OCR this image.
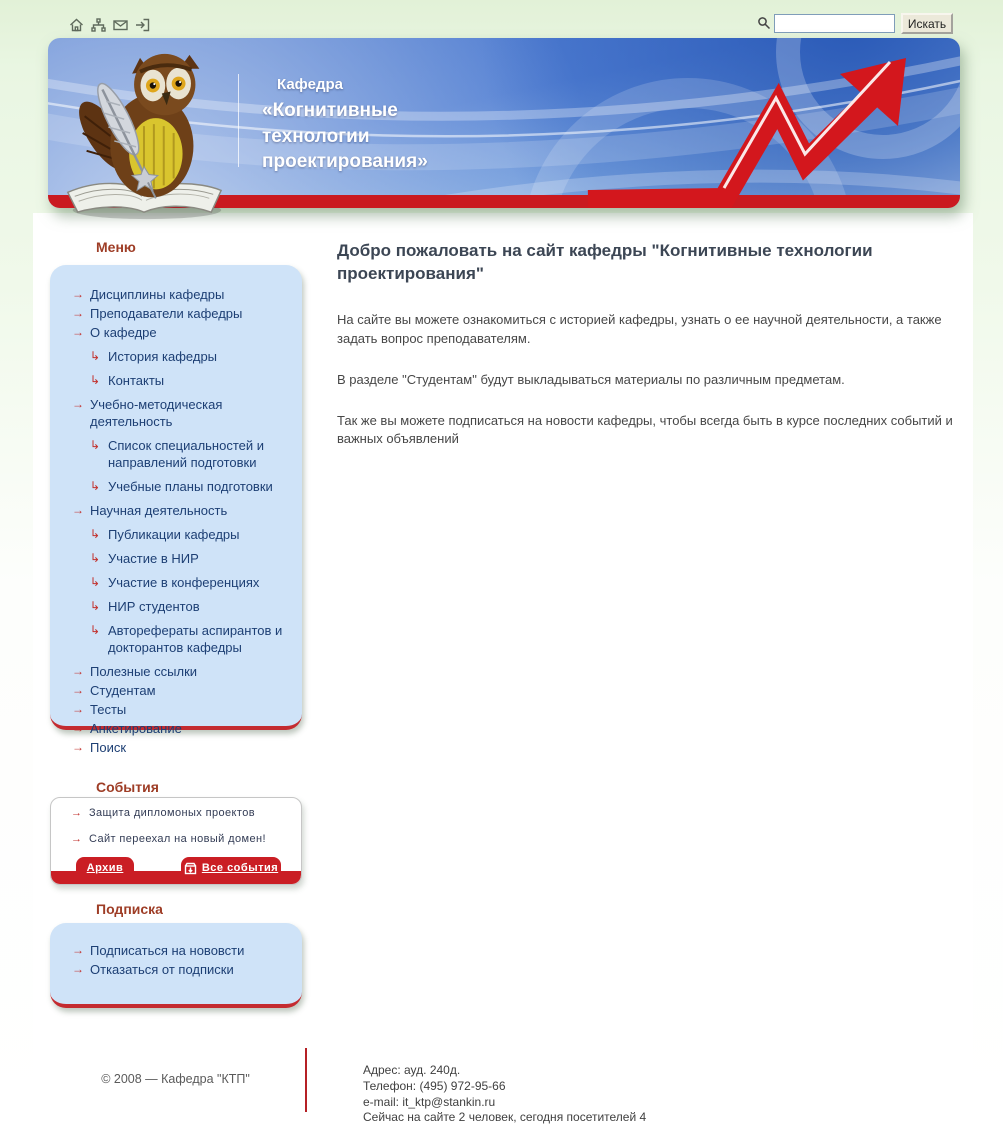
Искать
Кафедра
«Когнитивные технологии проектирования»
Меню
→
Дисциплины кафедры
→
Преподаватели кафедры
→
О кафедре
↳
История кафедры
↳
Контакты
→
Учебно-методическая деятельность
↳
Список специальностей и направлений подготовки
↳
Учебные планы подготовки
→
Научная деятельность
↳
Публикации кафедры
↳
Участие в НИР
↳
Участие в конференциях
↳
НИР студентов
↳
Авторефераты аспирантов и докторантов кафедры
→
Полезные ссылки
→
Студентам
→
Тесты
→
Анкетирование
→
Поиск
События
→
Защита дипломоных проектов
→
Сайт переехал на новый домен!
Архив	Все события
Подписка
→
Подписаться на нововсти
→
Отказаться от подписки
Добро пожаловать на сайт кафедры "Когнитивные технологии проектирования"

На сайте вы можете ознакомиться с историей кафедры, узнать о ее научной деятельности, а также задать вопрос преподавателям.

В разделе "Студентам" будут выкладываться материалы по различным предметам.

Так же вы можете подписаться на новости кафедры, чтобы всегда быть в курсе последних событий и важных объявлений

© 2008 — Кафедра "КТП"
Адрес: ауд. 240д.
Телефон: (495) 972-95-66
e-mail: it_ktp@stankin.ru
Сейчас на сайте 2 человек, сегодня посетителей 4
